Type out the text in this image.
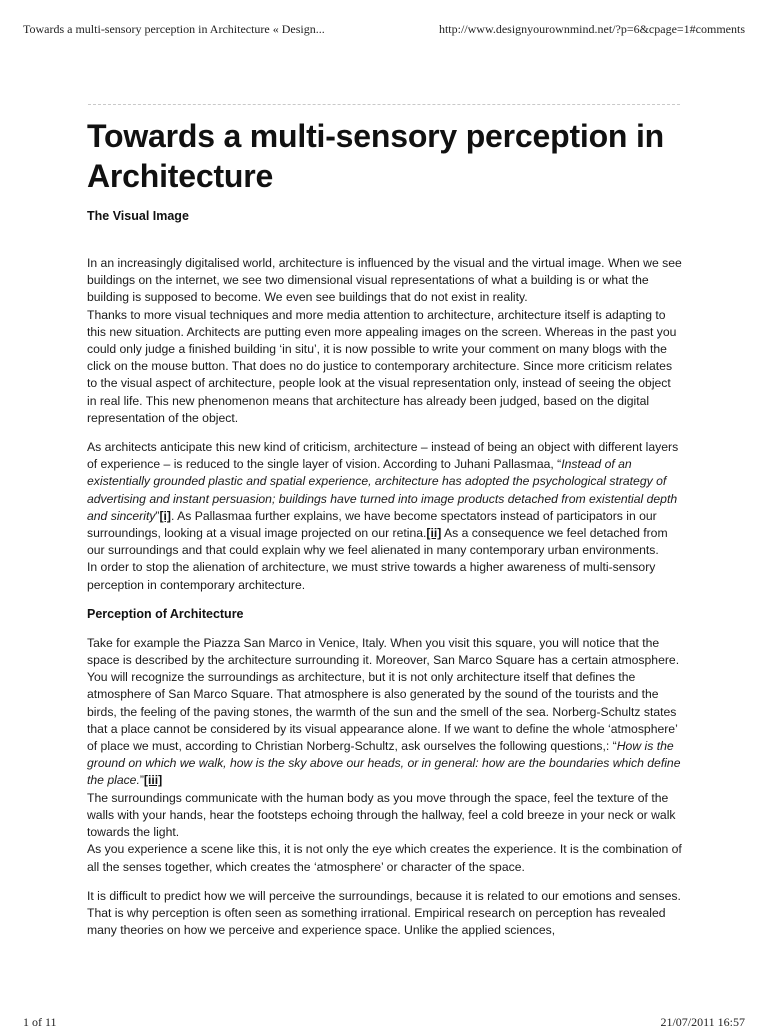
Towards a multi-sensory perception in Architecture « Design...	http://www.designyourownmind.net/?p=6&cpage=1#comments
Towards a multi-sensory perception in Architecture
The Visual Image

In an increasingly digitalised world, architecture is influenced by the visual and the virtual image. When we see buildings on the internet, we see two dimensional visual representations of what a building is or what the building is supposed to become. We even see buildings that do not exist in reality.
Thanks to more visual techniques and more media attention to architecture, architecture itself is adapting to this new situation. Architects are putting even more appealing images on the screen. Whereas in the past you could only judge a finished building ‘in situ’, it is now possible to write your comment on many blogs with the click on the mouse button. That does no do justice to contemporary architecture. Since more criticism relates to the visual aspect of architecture, people look at the visual representation only, instead of seeing the object in real life. This new phenomenon means that architecture has already been judged, based on the digital representation of the object.

As architects anticipate this new kind of criticism, architecture – instead of being an object with different layers of experience – is reduced to the single layer of vision. According to Juhani Pallasmaa, “Instead of an existentially grounded plastic and spatial experience, architecture has adopted the psychological strategy of advertising and instant persuasion; buildings have turned into image products detached from existential depth and sincerity”[i]. As Pallasmaa further explains, we have become spectators instead of participators in our surroundings, looking at a visual image projected on our retina.[ii] As a consequence we feel detached from our surroundings and that could explain why we feel alienated in many contemporary urban environments.
In order to stop the alienation of architecture, we must strive towards a higher awareness of multi-sensory perception in contemporary architecture.

Perception of Architecture

Take for example the Piazza San Marco in Venice, Italy. When you visit this square, you will notice that the space is described by the architecture surrounding it. Moreover, San Marco Square has a certain atmosphere. You will recognize the surroundings as architecture, but it is not only architecture itself that defines the atmosphere of San Marco Square. That atmosphere is also generated by the sound of the tourists and the birds, the feeling of the paving stones, the warmth of the sun and the smell of the sea. Norberg-Schultz states that a place cannot be considered by its visual appearance alone. If we want to define the whole ‘atmosphere’ of place we must, according to Christian Norberg-Schultz, ask ourselves the following questions,: “How is the ground on which we walk, how is the sky above our heads, or in general: how are the boundaries which define the place.”[iii]
The surroundings communicate with the human body as you move through the space, feel the texture of the walls with your hands, hear the footsteps echoing through the hallway, feel a cold breeze in your neck or walk towards the light.
As you experience a scene like this, it is not only the eye which creates the experience. It is the combination of all the senses together, which creates the ‘atmosphere’ or character of the space.

It is difficult to predict how we will perceive the surroundings, because it is related to our emotions and senses. That is why perception is often seen as something irrational. Empirical research on perception has revealed many theories on how we perceive and experience space. Unlike the applied sciences,

1 of 11	21/07/2011 16:57
